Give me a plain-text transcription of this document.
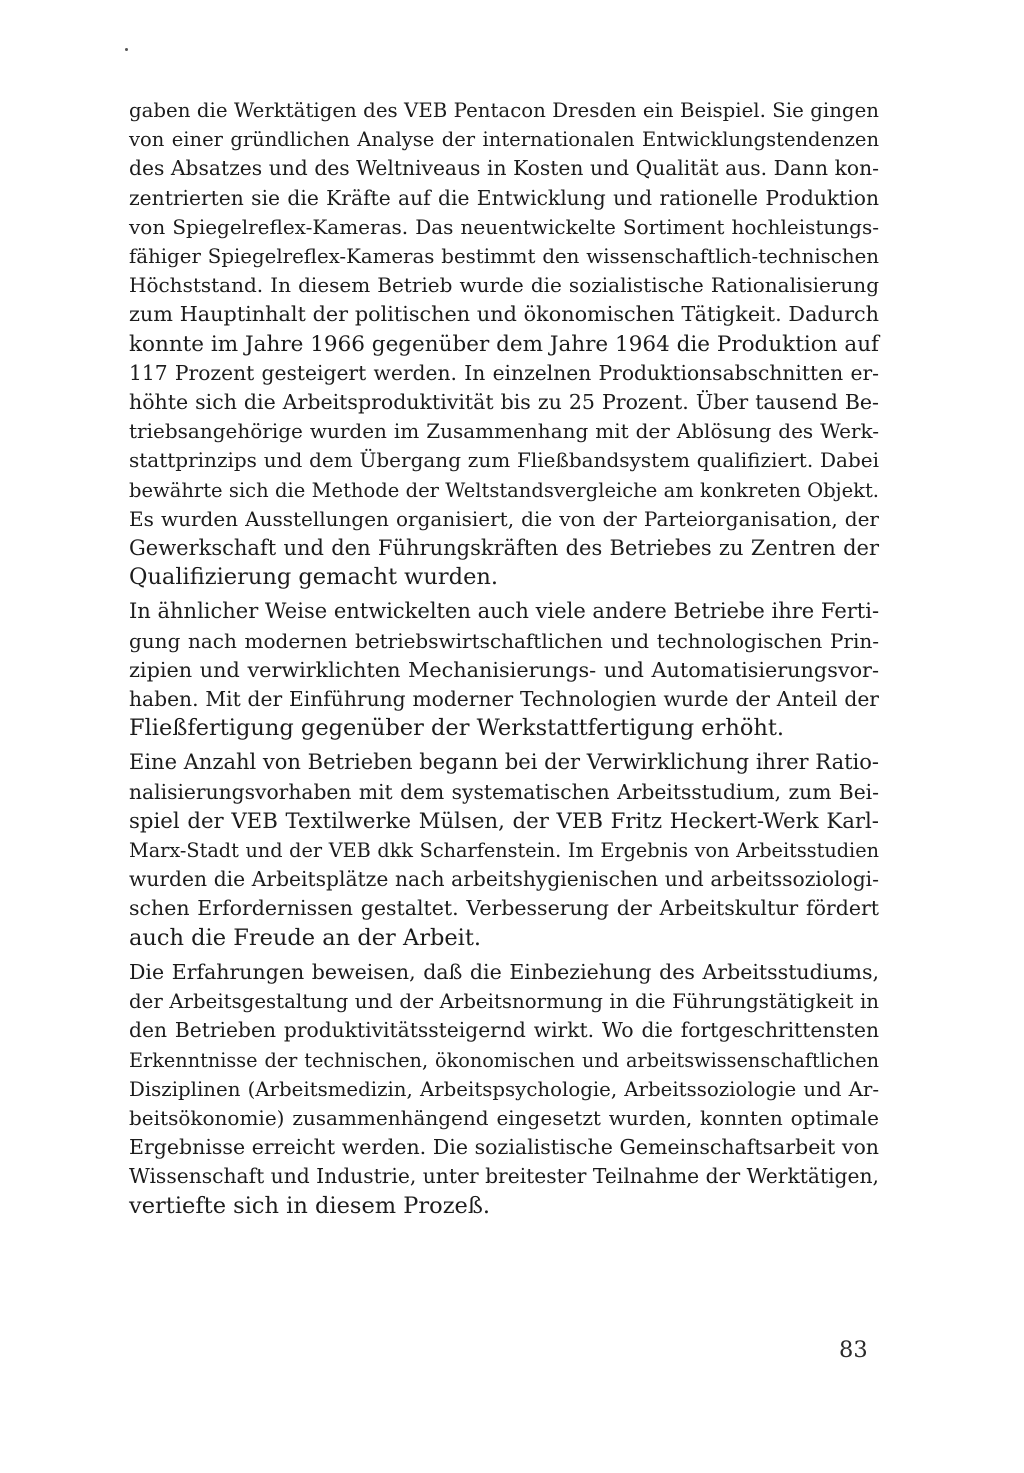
gaben die Werktätigen des VEB Pentacon Dresden ein Beispiel. Sie gingen
von einer gründlichen Analyse der internationalen Entwicklungstendenzen
des Absatzes und des Weltniveaus in Kosten und Qualität aus. Dann kon-
zentrierten sie die Kräfte auf die Entwicklung und rationelle Produktion
von Spiegelreflex-Kameras. Das neuentwickelte Sortiment hochleistungs-
fähiger Spiegelreflex-Kameras bestimmt den wissenschaftlich-technischen
Höchststand. In diesem Betrieb wurde die sozialistische Rationalisierung
zum Hauptinhalt der politischen und ökonomischen Tätigkeit. Dadurch
konnte im Jahre 1966 gegenüber dem Jahre 1964 die Produktion auf
117 Prozent gesteigert werden. In einzelnen Produktionsabschnitten er-
höhte sich die Arbeitsproduktivität bis zu 25 Prozent. Über tausend Be-
triebsangehörige wurden im Zusammenhang mit der Ablösung des Werk-
stattprinzips und dem Übergang zum Fließbandsystem qualifiziert. Dabei
bewährte sich die Methode der Weltstandsvergleiche am konkreten Objekt.
Es wurden Ausstellungen organisiert, die von der Parteiorganisation, der
Gewerkschaft und den Führungskräften des Betriebes zu Zentren der
Qualifizierung gemacht wurden.

In ähnlicher Weise entwickelten auch viele andere Betriebe ihre Ferti-
gung nach modernen betriebswirtschaftlichen und technologischen Prin-
zipien und verwirklichten Mechanisierungs- und Automatisierungsvor-
haben. Mit der Einführung moderner Technologien wurde der Anteil der
Fließfertigung gegenüber der Werkstattfertigung erhöht.

Eine Anzahl von Betrieben begann bei der Verwirklichung ihrer Ratio-
nalisierungsvorhaben mit dem systematischen Arbeitsstudium, zum Bei-
spiel der VEB Textilwerke Mülsen, der VEB Fritz Heckert-Werk Karl-
Marx-Stadt und der VEB dkk Scharfenstein. Im Ergebnis von Arbeitsstudien
wurden die Arbeitsplätze nach arbeitshygienischen und arbeitssoziologi-
schen Erfordernissen gestaltet. Verbesserung der Arbeitskultur fördert
auch die Freude an der Arbeit.

Die Erfahrungen beweisen, daß die Einbeziehung des Arbeitsstudiums,
der Arbeitsgestaltung und der Arbeitsnormung in die Führungstätigkeit in
den Betrieben produktivitätssteigernd wirkt. Wo die fortgeschrittensten
Erkenntnisse der technischen, ökonomischen und arbeitswissenschaftlichen
Disziplinen (Arbeitsmedizin, Arbeitspsychologie, Arbeitssoziologie und Ar-
beitsökonomie) zusammenhängend eingesetzt wurden, konnten optimale
Ergebnisse erreicht werden. Die sozialistische Gemeinschaftsarbeit von
Wissenschaft und Industrie, unter breitester Teilnahme der Werktätigen,
vertiefte sich in diesem Prozeß.

83
